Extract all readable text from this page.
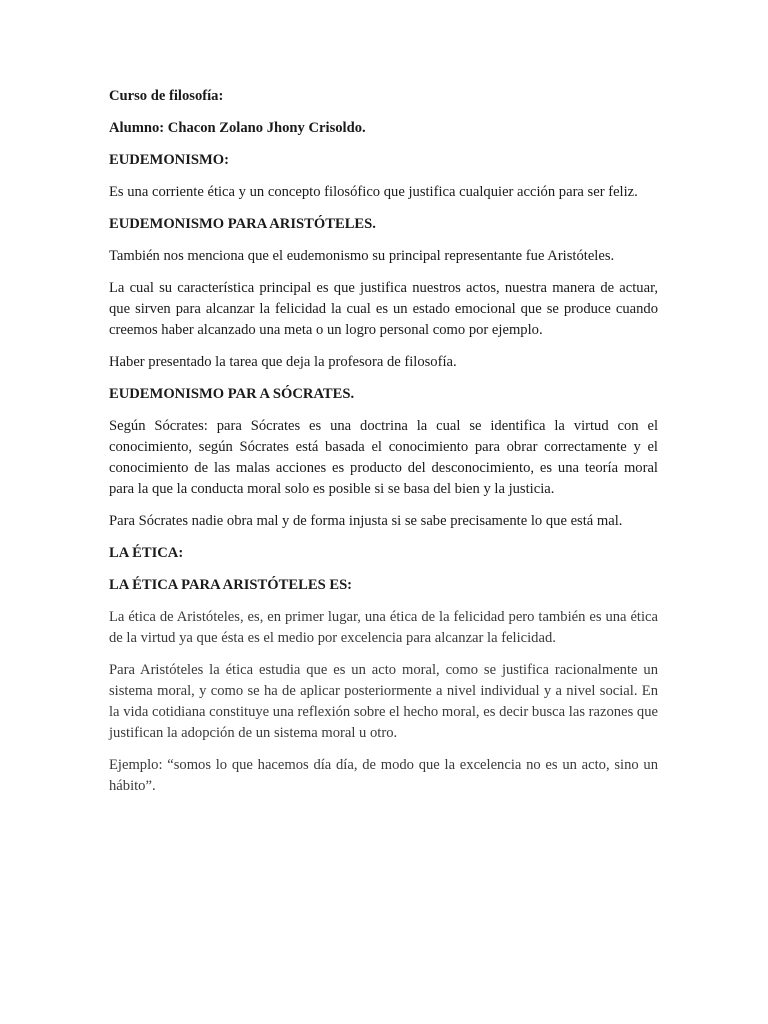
Curso de filosofía:

Alumno: Chacon Zolano Jhony Crisoldo.

EUDEMONISMO:

Es una corriente ética y un concepto filosófico que justifica cualquier acción para ser feliz.

EUDEMONISMO PARA ARISTÓTELES.

También nos menciona que el eudemonismo su principal representante fue Aristóteles.

La cual su característica principal es que justifica nuestros actos, nuestra manera de actuar, que sirven para alcanzar la felicidad la cual es un estado emocional que se produce cuando creemos haber alcanzado una meta o un logro personal como por ejemplo.

Haber presentado la tarea que deja la profesora de filosofía.

EUDEMONISMO PAR A SÓCRATES.

Según Sócrates: para Sócrates es una doctrina la cual se identifica la virtud con el conocimiento, según Sócrates está basada el conocimiento para obrar correctamente y el conocimiento de las malas acciones es producto del desconocimiento, es una teoría moral para la que la conducta moral solo es posible si se basa del bien y la justicia.

Para Sócrates nadie obra mal y de forma injusta si se sabe precisamente lo que está mal.

LA ÉTICA:

LA ÉTICA PARA ARISTÓTELES ES:

La ética de Aristóteles, es, en primer lugar, una ética de la felicidad pero también es una ética de la virtud ya que ésta es el medio por excelencia para alcanzar la felicidad.

Para Aristóteles la ética estudia que es un acto moral, como se justifica racionalmente un sistema moral, y como se ha de aplicar posteriormente a nivel individual y a nivel social. En la vida cotidiana constituye una reflexión sobre el hecho moral, es decir busca las razones que justifican la adopción de un sistema moral u otro.

Ejemplo: “somos lo que hacemos día día, de modo que la excelencia no es un acto, sino un hábito”.
